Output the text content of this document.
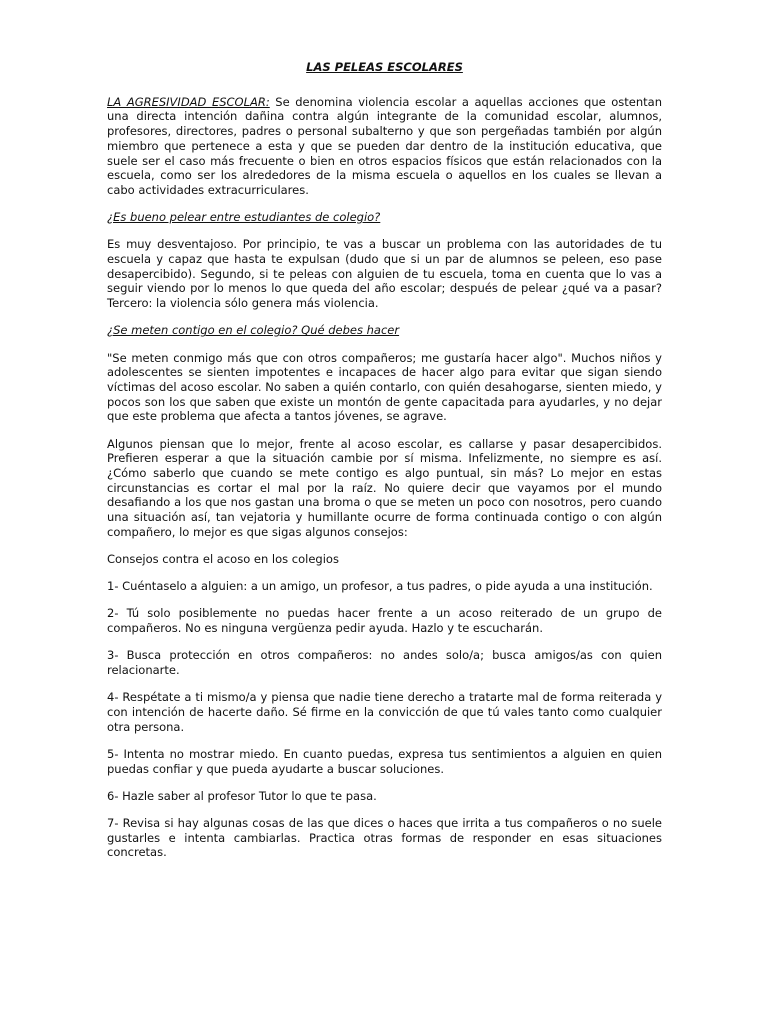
LAS PELEAS ESCOLARES

LA AGRESIVIDAD ESCOLAR: Se denomina violencia escolar a aquellas acciones que ostentan una directa intención dañina contra algún integrante de la comunidad escolar, alumnos, profesores, directores, padres o personal subalterno y que son pergeñadas también por algún miembro que pertenece a esta y que se pueden dar dentro de la institución educativa, que suele ser el caso más frecuente o bien en otros espacios físicos que están relacionados con la escuela, como ser los alrededores de la misma escuela o aquellos en los cuales se llevan a cabo actividades extracurriculares.

¿Es bueno pelear entre estudiantes de colegio?

Es muy desventajoso. Por principio, te vas a buscar un problema con las autoridades de tu escuela y capaz que hasta te expulsan (dudo que si un par de alumnos se peleen, eso pase desapercibido). Segundo, si te peleas con alguien de tu escuela, toma en cuenta que lo vas a seguir viendo por lo menos lo que queda del año escolar; después de pelear ¿qué va a pasar? Tercero: la violencia sólo genera más violencia.

¿Se meten contigo en el colegio? Qué debes hacer

"Se meten conmigo más que con otros compañeros; me gustaría hacer algo". Muchos niños y adolescentes se sienten impotentes e incapaces de hacer algo para evitar que sigan siendo víctimas del acoso escolar. No saben a quién contarlo, con quién desahogarse, sienten miedo, y pocos son los que saben que existe un montón de gente capacitada para ayudarles, y no dejar que este problema que afecta a tantos jóvenes, se agrave.

Algunos piensan que lo mejor, frente al acoso escolar, es callarse y pasar desapercibidos. Prefieren esperar a que la situación cambie por sí misma. Infelizmente, no siempre es así. ¿Cómo saberlo que cuando se mete contigo es algo puntual, sin más? Lo mejor en estas circunstancias es cortar el mal por la raíz. No quiere decir que vayamos por el mundo desafiando a los que nos gastan una broma o que se meten un poco con nosotros, pero cuando una situación así, tan vejatoria y humillante ocurre de forma continuada contigo o con algún compañero, lo mejor es que sigas algunos consejos:

Consejos contra el acoso en los colegios

1- Cuéntaselo a alguien: a un amigo, un profesor, a tus padres, o pide ayuda a una institución.

2- Tú solo posiblemente no puedas hacer frente a un acoso reiterado de un grupo de compañeros. No es ninguna vergüenza pedir ayuda. Hazlo y te escucharán.

3- Busca protección en otros compañeros: no andes solo/a; busca amigos/as con quien relacionarte.

4- Respétate a ti mismo/a y piensa que nadie tiene derecho a tratarte mal de forma reiterada y con intención de hacerte daño. Sé firme en la convicción de que tú vales tanto como cualquier otra persona.

5- Intenta no mostrar miedo. En cuanto puedas, expresa tus sentimientos a alguien en quien puedas confiar y que pueda ayudarte a buscar soluciones.

6- Hazle saber al profesor Tutor lo que te pasa.

7- Revisa si hay algunas cosas de las que dices o haces que irrita a tus compañeros o no suele gustarles e intenta cambiarlas. Practica otras formas de responder en esas situaciones concretas.
